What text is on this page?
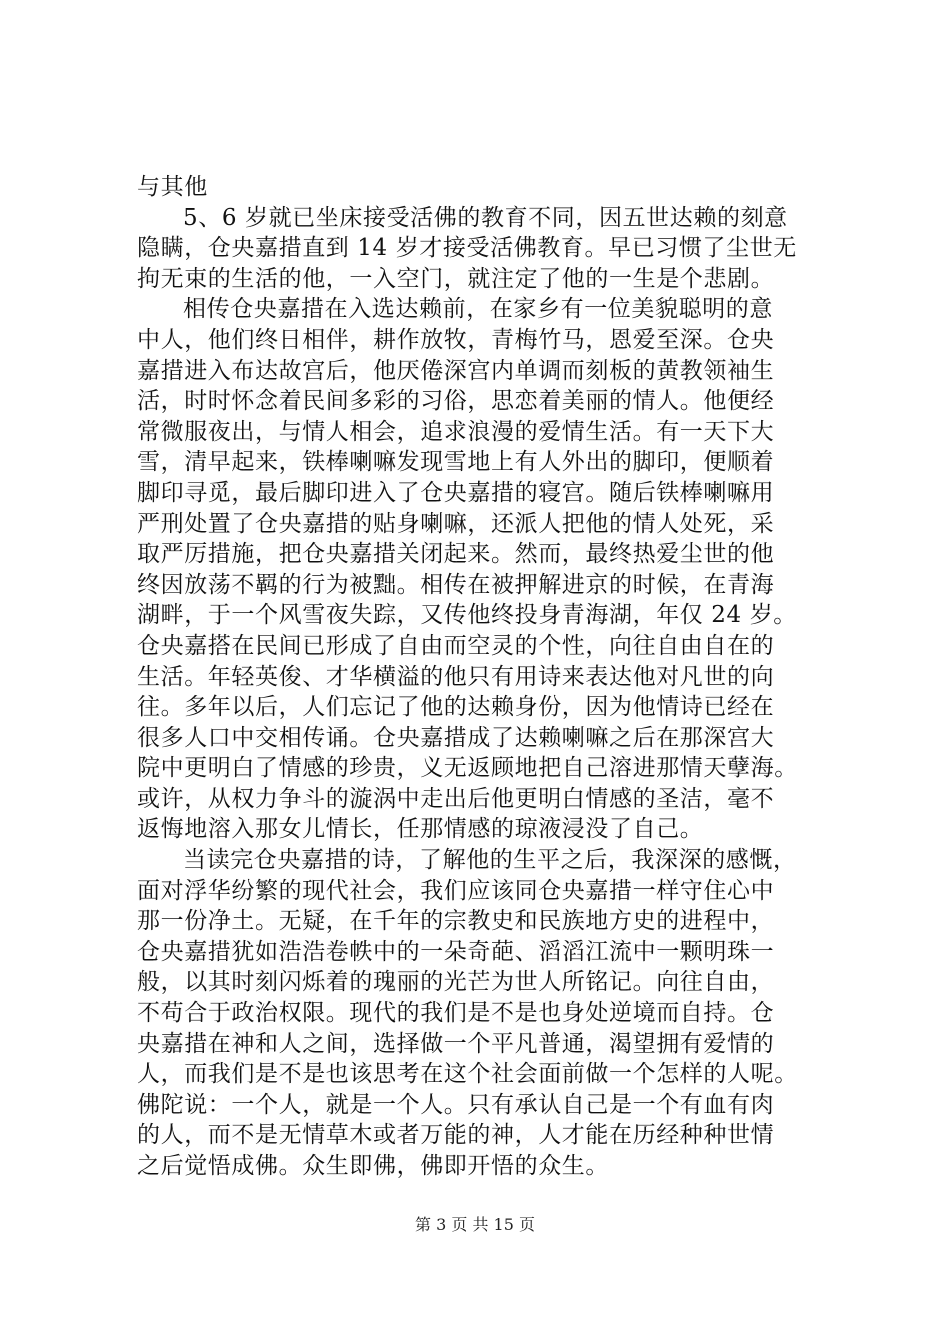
与其他
5、6 岁就已坐床接受活佛的教育不同，因五世达赖的刻意
隐瞒，仓央嘉措直到 14 岁才接受活佛教育。早已习惯了尘世无
拘无束的生活的他，一入空门，就注定了他的一生是个悲剧。
相传仓央嘉措在入选达赖前，在家乡有一位美貌聪明的意
中人，他们终日相伴，耕作放牧，青梅竹马，恩爱至深。仓央
嘉措进入布达故宫后，他厌倦深宫内单调而刻板的黄教领袖生
活，时时怀念着民间多彩的习俗，思恋着美丽的情人。他便经
常微服夜出，与情人相会，追求浪漫的爱情生活。有一天下大
雪，清早起来，铁棒喇嘛发现雪地上有人外出的脚印，便顺着
脚印寻觅，最后脚印进入了仓央嘉措的寝宫。随后铁棒喇嘛用
严刑处置了仓央嘉措的贴身喇嘛，还派人把他的情人处死，采
取严厉措施，把仓央嘉措关闭起来。然而，最终热爱尘世的他
终因放荡不羁的行为被黜。相传在被押解进京的时候，在青海
湖畔，于一个风雪夜失踪，又传他终投身青海湖，年仅 24 岁。
仓央嘉搭在民间已形成了自由而空灵的个性，向往自由自在的
生活。年轻英俊、才华横溢的他只有用诗来表达他对凡世的向
往。多年以后，人们忘记了他的达赖身份，因为他情诗已经在
很多人口中交相传诵。仓央嘉措成了达赖喇嘛之后在那深宫大
院中更明白了情感的珍贵，义无返顾地把自己溶进那情天孽海。
或许，从权力争斗的漩涡中走出后他更明白情感的圣洁，毫不
返悔地溶入那女儿情长，任那情感的琼液浸没了自己。
当读完仓央嘉措的诗，了解他的生平之后，我深深的感慨，
面对浮华纷繁的现代社会，我们应该同仓央嘉措一样守住心中
那一份净土。无疑，在千年的宗教史和民族地方史的进程中，
仓央嘉措犹如浩浩卷帙中的一朵奇葩、滔滔江流中一颗明珠一
般，以其时刻闪烁着的瑰丽的光芒为世人所铭记。向往自由，
不苟合于政治权限。现代的我们是不是也身处逆境而自持。仓
央嘉措在神和人之间，选择做一个平凡普通，渴望拥有爱情的
人，而我们是不是也该思考在这个社会面前做一个怎样的人呢。
佛陀说：一个人，就是一个人。只有承认自己是一个有血有肉
的人，而不是无情草木或者万能的神，人才能在历经种种世情
之后觉悟成佛。众生即佛，佛即开悟的众生。
第 3 页 共 15 页
